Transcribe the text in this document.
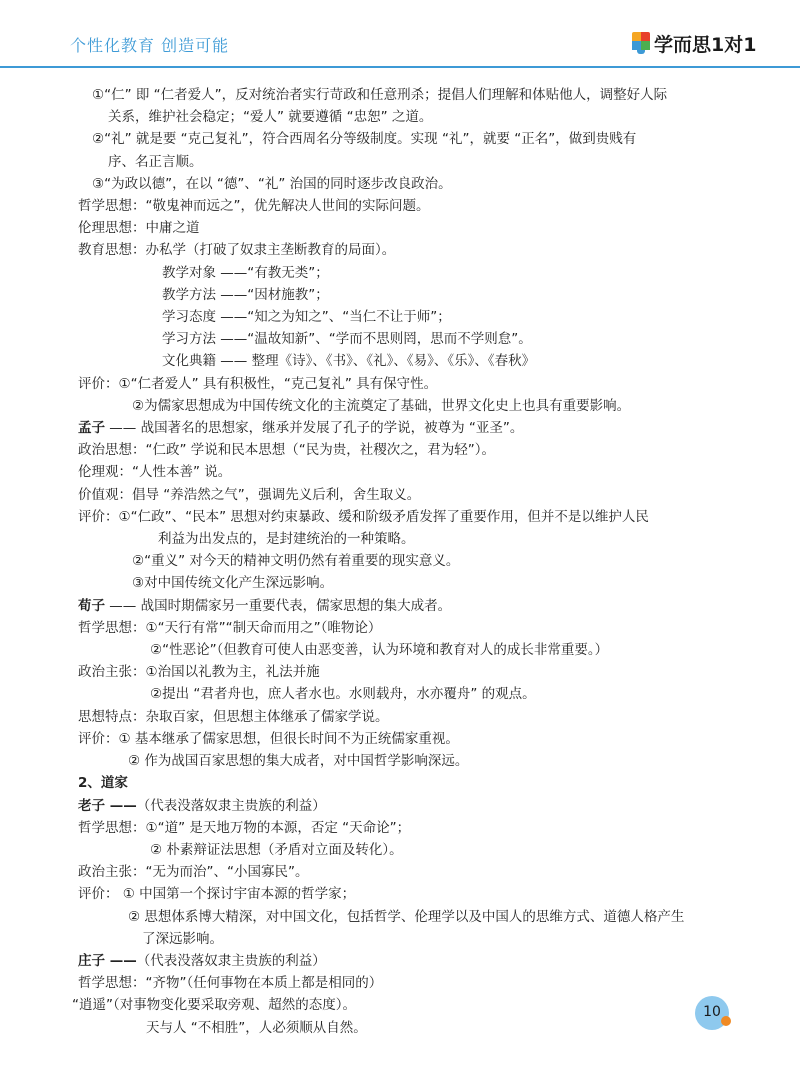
个性化教育 创造可能	学而思1对1
①“仁” 即 “仁者爱人”，反对统治者实行苛政和任意刑杀；提倡人们理解和体贴他人，调整好人际
关系，维护社会稳定；“爱人” 就要遵循 “忠恕” 之道。
②“礼” 就是要 “克己复礼”，符合西周名分等级制度。实现 “礼”，就要 “正名”，做到贵贱有
序、名正言顺。
③“为政以德”，在以 “德”、“礼” 治国的同时逐步改良政治。
哲学思想：“敬鬼神而远之”，优先解决人世间的实际问题。
伦理思想：中庸之道
教育思想：办私学（打破了奴隶主垄断教育的局面）。
教学对象 ——“有教无类”；
教学方法 ——“因材施教”；
学习态度 ——“知之为知之”、“当仁不让于师”；
学习方法 ——“温故知新”、“学而不思则罔，思而不学则怠”。
文化典籍 —— 整理《诗》、《书》、《礼》、《易》、《乐》、《春秋》
评价：①“仁者爱人” 具有积极性，“克己复礼” 具有保守性。
②为儒家思想成为中国传统文化的主流奠定了基础，世界文化史上也具有重要影响。
孟子 —— 战国著名的思想家，继承并发展了孔子的学说，被尊为 “亚圣”。
政治思想：“仁政” 学说和民本思想（“民为贵，社稷次之，君为轻”）。
伦理观：“人性本善” 说。
价值观：倡导 “养浩然之气”，强调先义后利，舍生取义。
评价：①“仁政”、“民本” 思想对约束暴政、缓和阶级矛盾发挥了重要作用，但并不是以维护人民
利益为出发点的，是封建统治的一种策略。
②“重义” 对今天的精神文明仍然有着重要的现实意义。
③对中国传统文化产生深远影响。
荀子 —— 战国时期儒家另一重要代表，儒家思想的集大成者。
哲学思想：①“天行有常”“制天命而用之”（唯物论）
②“性恶论”（但教育可使人由恶变善，认为环境和教育对人的成长非常重要。）
政治主张：①治国以礼教为主，礼法并施
②提出 “君者舟也，庶人者水也。水则载舟，水亦覆舟” 的观点。
思想特点：杂取百家，但思想主体继承了儒家学说。
评价：① 基本继承了儒家思想，但很长时间不为正统儒家重视。
② 作为战国百家思想的集大成者，对中国哲学影响深远。
2、道家
老子 ——（代表没落奴隶主贵族的利益）
哲学思想：①“道” 是天地万物的本源，否定 “天命论”；
② 朴素辩证法思想（矛盾对立面及转化）。
政治主张：“无为而治”、“小国寡民”。
评价： ① 中国第一个探讨宇宙本源的哲学家；
② 思想体系博大精深，对中国文化，包括哲学、伦理学以及中国人的思维方式、道德人格产生
了深远影响。
庄子 ——（代表没落奴隶主贵族的利益）
哲学思想：“齐物”（任何事物在本质上都是相同的）
“逍遥”（对事物变化要采取旁观、超然的态度）。
天与人 “不相胜”，人必须顺从自然。
10
